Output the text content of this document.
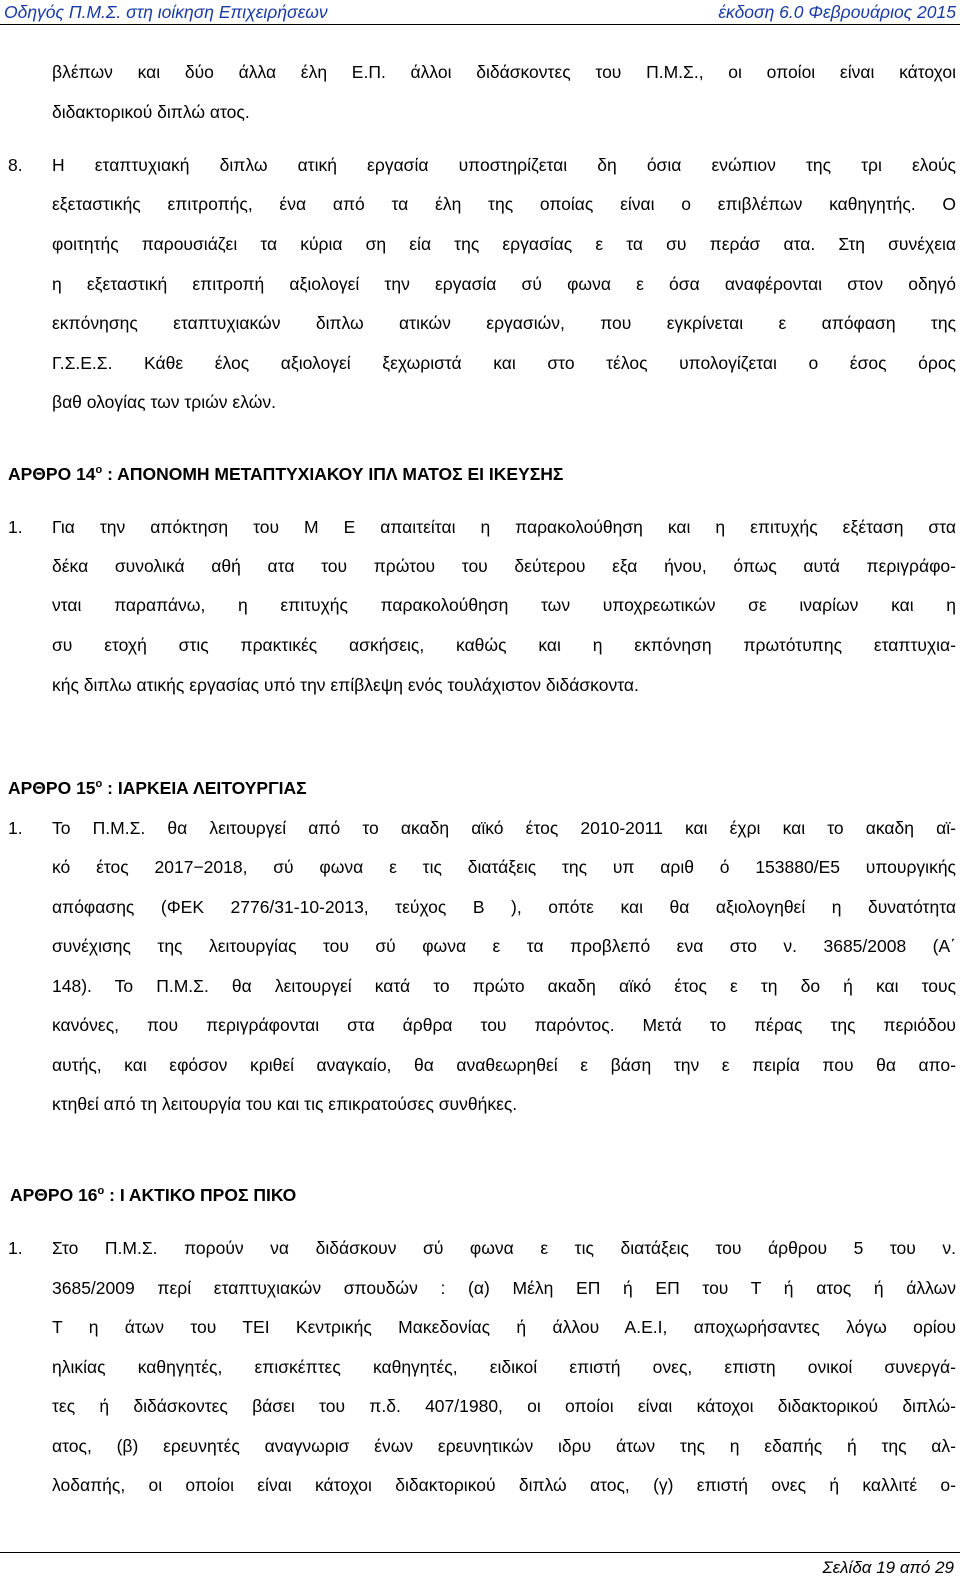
Οδηγός Π.Μ.Σ. στη ιοίκηση Επιχειρήσεων	έκδοση 6.0 Φεβρουάριος 2015
βλέπων και δύο άλλα έλη Ε.Π. άλλοι διδάσκοντες του Π.Μ.Σ., οι οποίοι είναι κάτοχοι
διδακτορικού διπλώ ατος.
8. Η εταπτυχιακή διπλω ατική εργασία υποστηρίζεται δη όσια ενώπιον της τρι ελούς
εξεταστικής επιτροπής, ένα από τα έλη της οποίας είναι ο επιβλέπων καθηγητής. Ο
φοιτητής παρουσιάζει τα κύρια ση εία της εργασίας ε τα συ περάσ ατα. Στη συνέχεια
η εξεταστική επιτροπή αξιολογεί την εργασία σύ φωνα ε όσα αναφέρονται στον οδηγό
εκπόνησης εταπτυχιακών διπλω ατικών εργασιών, που εγκρίνεται ε απόφαση της
Γ.Σ.Ε.Σ. Κάθε έλος αξιολογεί ξεχωριστά και στο τέλος υπολογίζεται ο έσος όρος
βαθ ολογίας των τριών ελών.
ΑΡΘΡΟ $14^o$ : ΑΠΟΝΟΜΗ ΜΕΤΑΠΤΥΧΙΑΚΟΥ ΙΠΛ ΜΑΤΟΣ ΕΙ ΙΚΕΥΣΗΣ
1. Για την απόκτηση του Μ Ε απαιτείται η παρακολούθηση και η επιτυχής εξέταση στα
δέκα συνολικά αθή ατα του πρώτου του δεύτερου εξα ήνου, όπως αυτά περιγράφο-
νται παραπάνω, η επιτυχής παρακολούθηση των υποχρεωτικών σε ιναρίων και η
συ ετοχή στις πρακτικές ασκήσεις, καθώς και η εκπόνηση πρωτότυπης εταπτυχια-
κής διπλω ατικής εργασίας υπό την επίβλεψη ενός τουλάχιστον διδάσκοντα.
ΑΡΘΡΟ $15^o$ : ΙΑΡΚΕΙΑ ΛΕΙΤΟΥΡΓΙΑΣ
1. Το Π.Μ.Σ. θα λειτουργεί από το ακαδη αϊκό έτος 2010-2011 και έχρι και το ακαδη αϊ-
κό έτος 2017−2018, σύ φωνα ε τις διατάξεις της υπ αριθ ό 153880/Ε5 υπουργικής
απόφασης (ΦΕΚ 2776/31-10-2013, τεύχος Β ), οπότε και θα αξιολογηθεί η δυνατότητα
συνέχισης της λειτουργίας του σύ φωνα ε τα προβλεπό ενα στο ν. 3685/2008 (Α΄
148). Το Π.Μ.Σ. θα λειτουργεί κατά το πρώτο ακαδη αϊκό έτος ε τη δο ή και τους
κανόνες, που περιγράφονται στα άρθρα του παρόντος. Μετά το πέρας της περιόδου
αυτής, και εφόσον κριθεί αναγκαίο, θα αναθεωρηθεί ε βάση την ε πειρία που θα απο-
κτηθεί από τη λειτουργία του και τις επικρατούσες συνθήκες.
ΑΡΘΡΟ $16^o$ : Ι ΑΚΤΙΚΟ ΠΡΟΣ ΠΙΚΟ
1. Στο Π.Μ.Σ. πορούν να διδάσκουν σύ φωνα ε τις διατάξεις του άρθρου 5 του ν.
3685/2009 περί εταπτυχιακών σπουδών : (α) Μέλη ΕΠ ή ΕΠ του Τ ή ατος ή άλλων
Τ η άτων του ΤΕΙ Κεντρικής Μακεδονίας ή άλλου Α.Ε.Ι, αποχωρήσαντες λόγω ορίου
ηλικίας καθηγητές, επισκέπτες καθηγητές, ειδικοί επιστή ονες, επιστη ονικοί συνεργά-
τες ή διδάσκοντες βάσει του π.δ. 407/1980, οι οποίοι είναι κάτοχοι διδακτορικού διπλώ-
ατος, (β) ερευνητές αναγνωρισ ένων ερευνητικών ιδρυ άτων της η εδαπής ή της αλ-
λοδαπής, οι οποίοι είναι κάτοχοι διδακτορικού διπλώ ατος, (γ) επιστή ονες ή καλλιτέ ο-
Σελίδα 19 από 29
